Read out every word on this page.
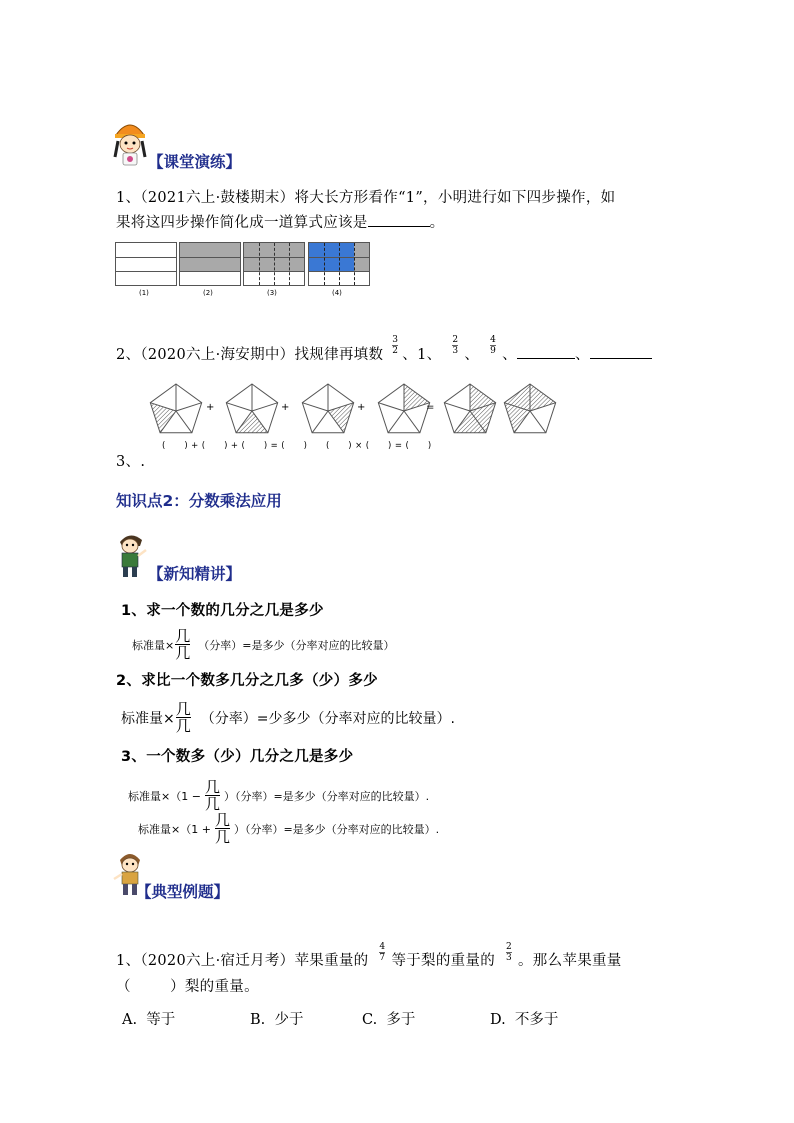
【课堂演练】
1、（2021六上·鼓楼期末）将大长方形看作“1”，小明进行如下四步操作，如
果将这四步操作简化成一道算式应该是	。
(1)	(2)	(3)	(4)
2、（2020六上·海安期中）找规律再填数 $\frac{3}{2}$ 、1、 $\frac{2}{3}$ 、 $\frac{4}{9}$ 、	、
+	+	+	=
(      ) + (      ) + (      ) = (      )      (      ) × (      ) = (      )
3、.
知识点2：分数乘法应用
【新知精讲】
1、求一个数的几分之几是多少
标准量× $\frac{\text{几}}{\text{几}}$ （分率）=是多少（分率对应的比较量）
2、求比一个数多几分之几多（少）多少
标准量× $\frac{\text{几}}{\text{几}}$ （分率）=少多少（分率对应的比较量）.
3、一个数多（少）几分之几是多少
标准量$\times(1 - \frac{\text{几}}{\text{几}}$ ）（分率）=是多少（分率对应的比较量）.
标准量$\times(1 + \frac{\text{几}}{\text{几}}$ ）（分率）=是多少（分率对应的比较量）.
【典型例题】
1、（2020六上·宿迁月考）苹果重量的 $\frac{4}{7}$ 等于梨的重量的 $\frac{2}{3}$ 。那么苹果重量
（        ）梨的重量。
A.  等于	B.  少于	C.  多于	D.  不多于
